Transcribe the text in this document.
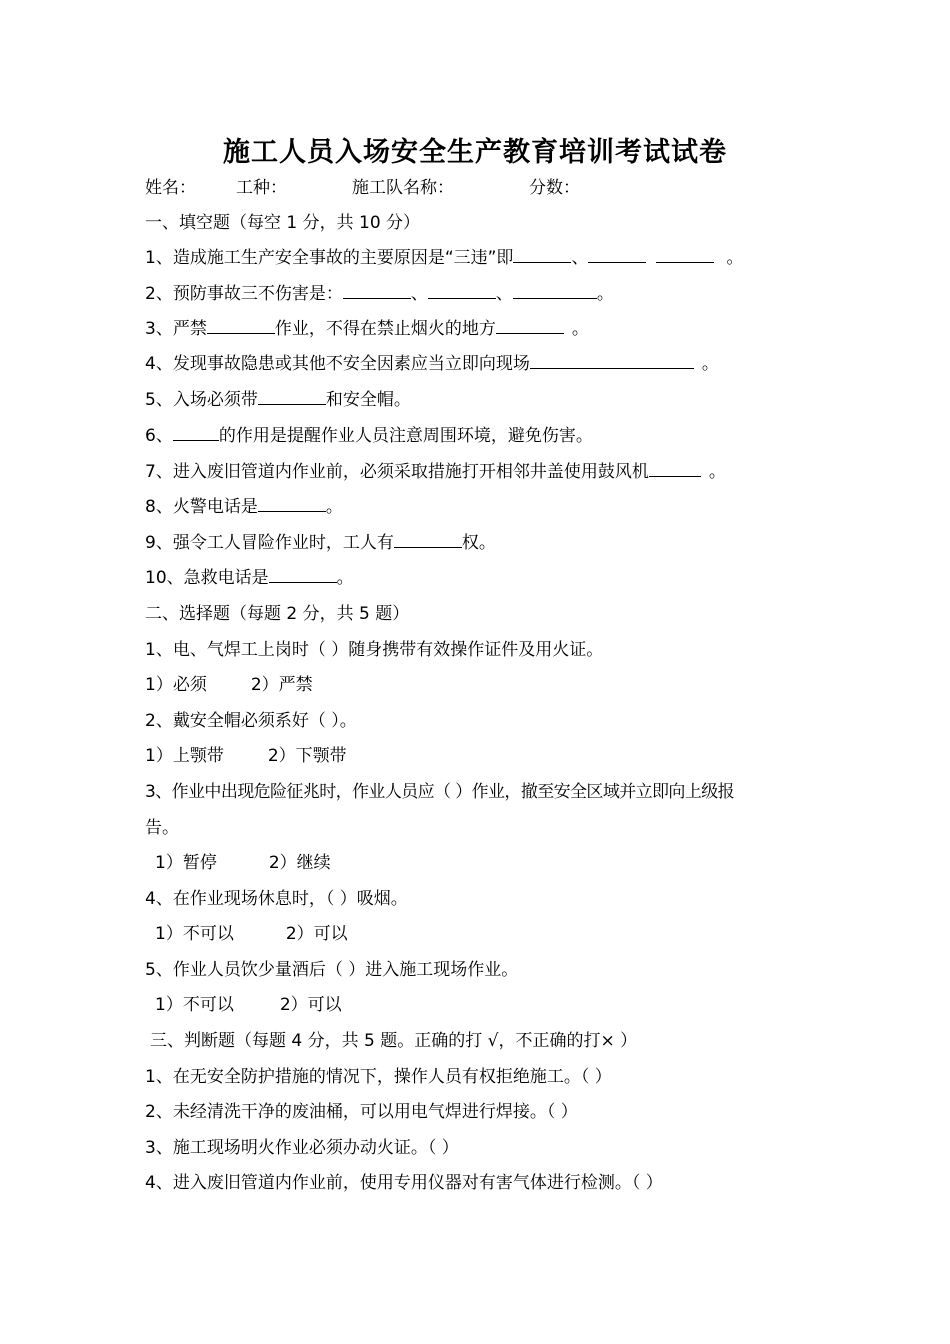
施工人员入场安全生产教育培训考试试卷
姓名： 工种：	施工队名称：	分数：
一、填空题（每空 1 分，共 10 分）
1、造成施工生产安全事故的主要原因是“三违”即	、	。
2、预防事故三不伤害是：	、	、	。
3、严禁	作业，不得在禁止烟火的地方	。
4、发现事故隐患或其他不安全因素应当立即向现场	。
5、入场必须带	和安全帽。
6、	的作用是提醒作业人员注意周围环境，避免伤害。
7、进入废旧管道内作业前，必须采取措施打开相邻井盖使用鼓风机	。
8、火警电话是	。
9、强令工人冒险作业时，工人有	权。
10、急救电话是	。
二、选择题（每题 2 分，共 5 题）
1、电、气焊工上岗时（ ）随身携带有效操作证件及用火证。
1）必须	2）严禁
2、戴安全帽必须系好（ ）。
1）上颚带	2）下颚带
3、作业中出现危险征兆时，作业人员应（ ）作业，撤至安全区域并立即向上级报
告。
1）暂停	2）继续
4、在作业现场休息时，（ ）吸烟。
1）不可以	2）可以
5、作业人员饮少量酒后（ ）进入施工现场作业。
1）不可以	2）可以
三、判断题（每题 4 分，共 5 题。正确的打 √，不正确的打× ）
1、在无安全防护措施的情况下，操作人员有权拒绝施工。（ ）
2、未经清洗干净的废油桶，可以用电气焊进行焊接。（ ）
3、施工现场明火作业必须办动火证。（ ）
4、进入废旧管道内作业前，使用专用仪器对有害气体进行检测。（ ）
